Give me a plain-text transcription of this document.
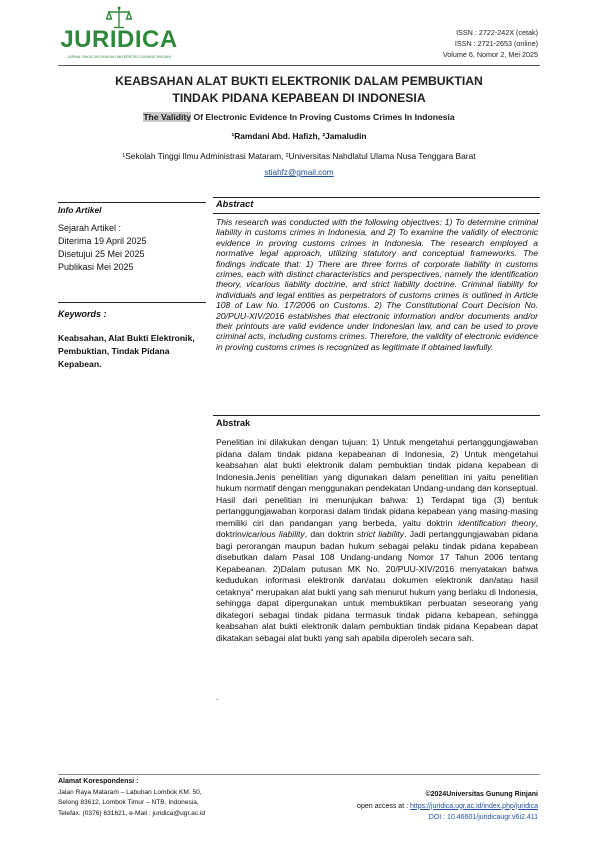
JURIDICA
JURNAL FAKULTAS HUKUM UNIVERSITAS GUNUNG RINJANI
ISSN : 2722-242X (cetak)
ISSN : 2721-2653 (online)
Volume 6, Nomor 2, Mei 2025
KEABSAHAN ALAT BUKTI ELEKTRONIK DALAM PEMBUKTIAN
TINDAK PIDANA KEPABEAN DI INDONESIA
The Validity Of Electronic Evidence In Proving Customs Crimes In Indonesia
¹Ramdani Abd. Hafizh, ²Jamaludin
¹Sekolah Tinggi Ilmu Administrasi Mataram, ²Universitas Nahdlatul Ulama Nusa Tenggara Barat
stiahfz@gmail.com
Info Artikel
Sejarah Artikel :
Diterima 19 April 2025
Disetujui 25 Mei 2025
Publikasi Mei 2025
Keywords :
Keabsahan, Alat Bukti Elektronik, Pembuktian, Tindak Pidana Kepabean.
Abstract
This research was conducted with the following objectives: 1) To determine criminal liability in customs crimes in Indonesia, and 2) To examine the validity of electronic evidence in proving customs crimes in Indonesia. The research employed a normative legal approach, utilizing statutory and conceptual frameworks. The findings indicate that: 1) There are three forms of corporate liability in customs crimes, each with distinct characteristics and perspectives, namely the identification theory, vicarious liability doctrine, and strict liability doctrine. Criminal liability for individuals and legal entities as perpetrators of customs crimes is outlined in Article 108 of Law No. 17/2006 on Customs. 2) The Constitutional Court Decision No. 20/PUU-XIV/2016 establishes that electronic information and/or documents and/or their printouts are valid evidence under Indonesian law, and can be used to prove criminal acts, including customs crimes. Therefore, the validity of electronic evidence in proving customs crimes is recognized as legitimate if obtained lawfully.
Abstrak
Penelitian ini dilakukan dengan tujuan: 1) Untuk mengetahui pertanggungjawaban pidana dalam tindak pidana kepabeanan di Indonesia, 2) Untuk mengetahui keabsahan alat bukti elektronik dalam pembuktian tindak pidana kepabean di Indonesia.Jenis penelitian yang digunakan dalam penelitian ini yaitu penelitian hukum normatif dengan menggunakan pendekatan Undang-undang dan konseptual. Hasil dari penelitian ini menunjukan bahwa: 1) Terdapat tiga (3) bentuk pertanggungjawaban korporasi dalam tindak pidana kepabean yang masing-masing memiliki ciri dan pandangan yang berbeda, yaitu doktrin identification theory, doktrinvicarious liability, dan doktrin strict liability. Jadi pertanggungjawaban pidana bagi perorangan maupun badan hukum sebagai pelaku tindak pidana kepabean disebutkan dalam Pasal 108 Undang-undang Nomor 17 Tahun 2006 tentang Kepabeanan. 2)Dalam putusan MK No. 20/PUU-XIV/2016 menyatakan bahwa kedudukan informasi elektronik dan/atau dokumen elektronik dan/atau hasil cetaknya" merupakan alat bukti yang sah menurut hukum yang berlaku di Indonesia, sehingga dapat dipergunakan untuk membuktikan perbuatan seseorang yang dikategori sebagai tindak pidana termasuk tindak pidana kebapean, sehingga keabsahan alat bukti elektronik dalam pembuktian tindak pidana Kepabean dapat dikatakan sebagai alat bukti yang sah apabila diperoleh secara sah.
.
Alamat Korespondensi :
Jalan Raya Mataram – Labuhan Lombok KM. 50,
Selong 83612, Lombok Timur – NTB, Indonesia,
Telefax. (0376) 631621, e-Mail : juridica@ugr.ac.id
©2024Universitas Gunung Rinjani
open access at : https://juridica.ugr.ac.id/index.php/juridica
DOI : 10.46601/juridicaugr.v6i2.411
